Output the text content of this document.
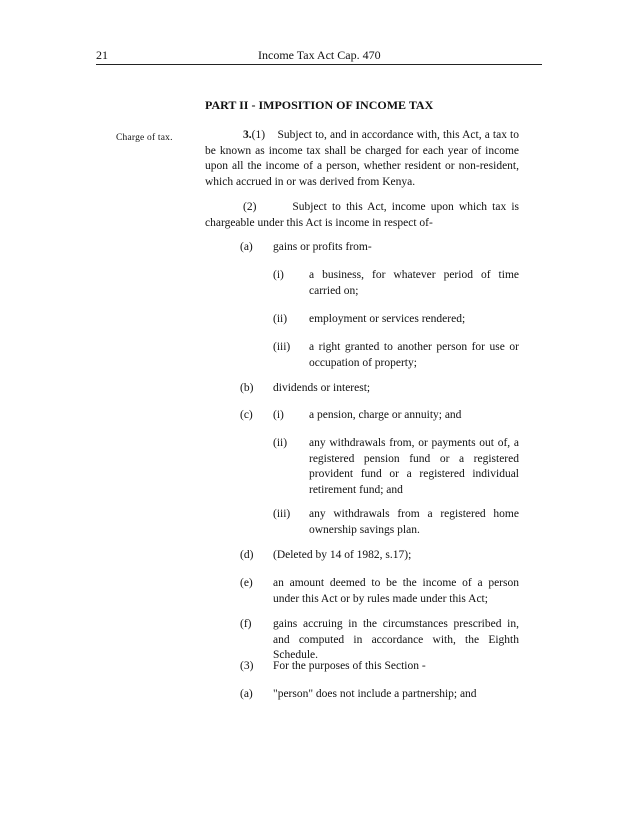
21	Income Tax Act Cap. 470
PART II - IMPOSITION OF INCOME TAX
Charge of tax.	3.(1) Subject to, and in accordance with, this Act, a tax to be known as income tax shall be charged for each year of income upon all the income of a person, whether resident or non-resident, which accrued in or was derived from Kenya.
(2)	Subject to this Act, income upon which tax is chargeable under this Act is income in respect of-
(a) gains or profits from-
(i) a business, for whatever period of time carried on;
(ii) employment or services rendered;
(iii) a right granted to another person for use or occupation of property;
(b) dividends or interest;
(c) (i) a pension, charge or annuity; and
(ii) any withdrawals from, or payments out of, a registered pension fund or a registered provident fund or a registered individual retirement fund; and
(iii) any withdrawals from a registered home ownership savings plan.
(d) (Deleted by 14 of 1982, s.17);
(e) an amount deemed to be the income of a person under this Act or by rules made under this Act;
(f) gains accruing in the circumstances prescribed in, and computed in accordance with, the Eighth Schedule.
(3) For the purposes of this Section -
(a) "person" does not include a partnership; and
